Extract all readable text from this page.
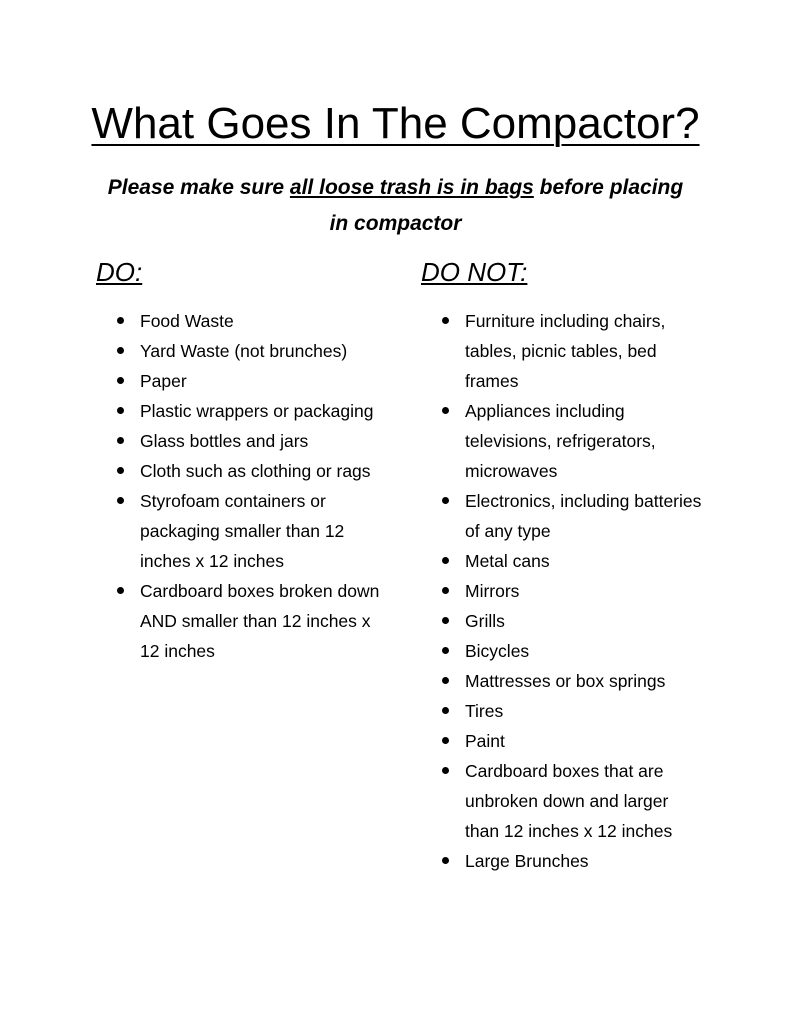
What Goes In The Compactor?
Please make sure all loose trash is in bags before placing in compactor
DO:	DO NOT:
Food Waste
Yard Waste (not brunches)
Paper
Plastic wrappers or packaging
Glass bottles and jars
Cloth such as clothing or rags
Styrofoam containers or packaging smaller than 12 inches x 12 inches
Cardboard boxes broken down AND smaller than 12 inches x 12 inches
Furniture including chairs, tables, picnic tables, bed frames
Appliances including televisions, refrigerators, microwaves
Electronics, including batteries of any type
Metal cans
Mirrors
Grills
Bicycles
Mattresses or box springs
Tires
Paint
Cardboard boxes that are unbroken down and larger than 12 inches x 12 inches
Large Brunches
